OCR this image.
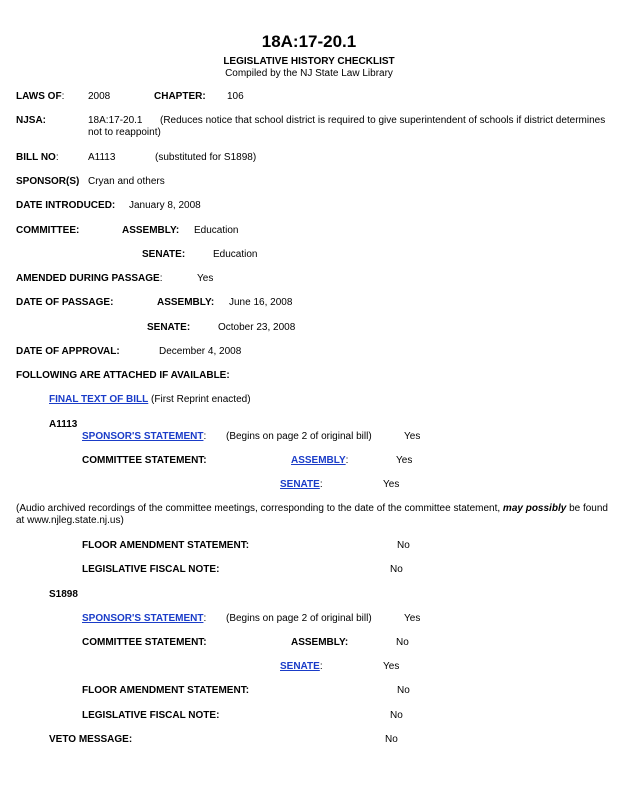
18A:17-20.1
LEGISLATIVE HISTORY CHECKLIST
Compiled by the NJ State Law Library
LAWS OF: 2008	CHAPTER: 106
NJSA:	18A:17-20.1 (Reduces notice that school district is required to give superintendent of schools if district determines
not to reappoint)
BILL NO:	A1113	(substituted for S1898)
SPONSOR(S) Cryan and others
DATE INTRODUCED: January 8, 2008
COMMITTEE:	ASSEMBLY: Education
SENATE:	Education
AMENDED DURING PASSAGE:	Yes
DATE OF PASSAGE:	ASSEMBLY: June 16, 2008
SENATE:	October 23, 2008
DATE OF APPROVAL:	December 4, 2008
FOLLOWING ARE ATTACHED IF AVAILABLE:
FINAL TEXT OF BILL (First Reprint enacted)
A1113
SPONSOR'S STATEMENT: (Begins on page 2 of original bill)	Yes
COMMITTEE STATEMENT:	ASSEMBLY:	Yes
SENATE:	Yes
(Audio archived recordings of the committee meetings, corresponding to the date of the committee statement, may possibly be found
at www.njleg.state.nj.us)
FLOOR AMENDMENT STATEMENT:	No
LEGISLATIVE FISCAL NOTE:	No
S1898
SPONSOR'S STATEMENT: (Begins on page 2 of original bill)	Yes
COMMITTEE STATEMENT:	ASSEMBLY:	No
SENATE:	Yes
FLOOR AMENDMENT STATEMENT:	No
LEGISLATIVE FISCAL NOTE:	No
VETO MESSAGE:	No
